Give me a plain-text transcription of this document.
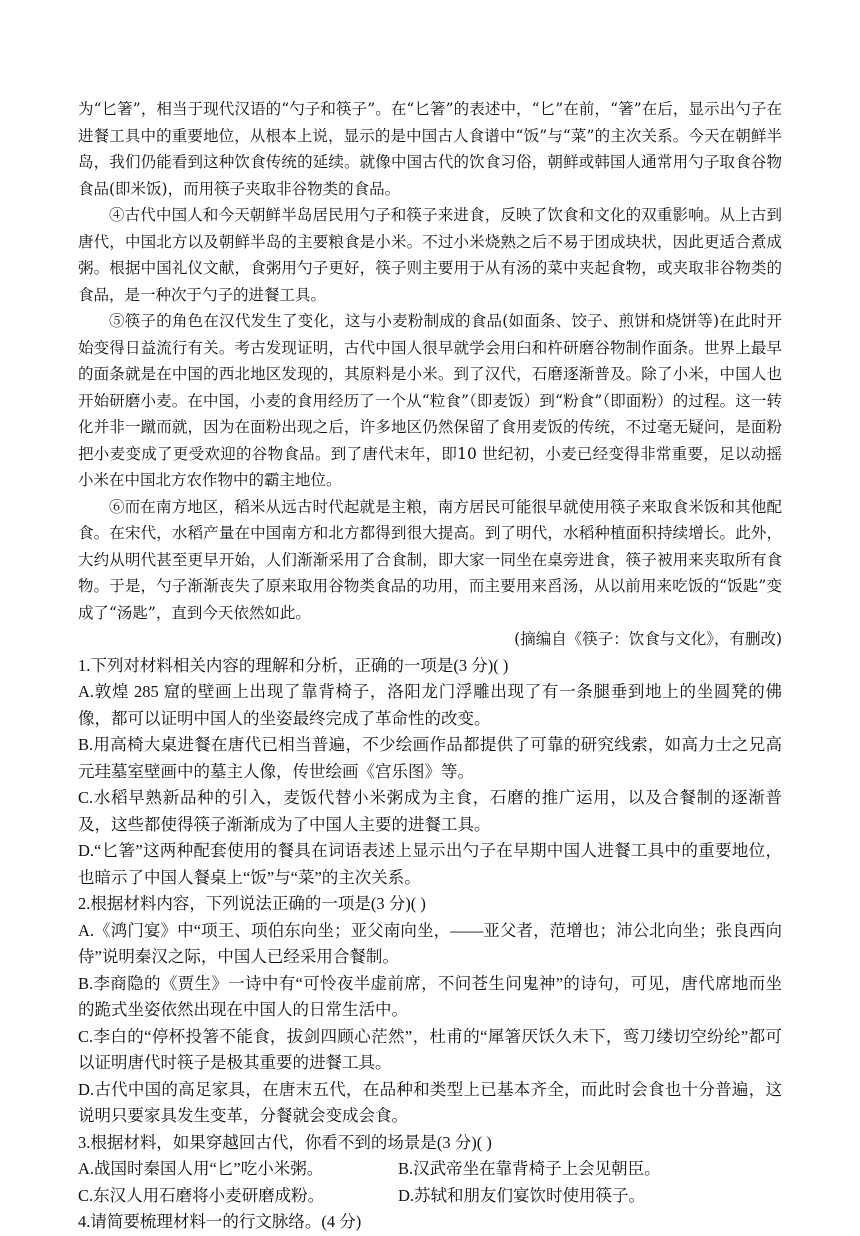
为“匕箸”，相当于现代汉语的“勺子和筷子”。在“匕箸”的表述中，“匕”在前，“箸”在后，显示出勺子在进餐工具中的重要地位，从根本上说，显示的是中国古人食谱中“饭”与“菜”的主次关系。今天在朝鲜半岛，我们仍能看到这种饮食传统的延续。就像中国古代的饮食习俗，朝鲜或韩国人通常用勺子取食谷物食品(即米饭)，而用筷子夹取非谷物类的食品。

④古代中国人和今天朝鲜半岛居民用勺子和筷子来进食，反映了饮食和文化的双重影响。从上古到唐代，中国北方以及朝鲜半岛的主要粮食是小米。不过小米烧熟之后不易于团成块状，因此更适合煮成粥。根据中国礼仪文献，食粥用勺子更好，筷子则主要用于从有汤的菜中夹起食物，或夹取非谷物类的食品，是一种次于勺子的进餐工具。

⑤筷子的角色在汉代发生了变化，这与小麦粉制成的食品(如面条、饺子、煎饼和烧饼等)在此时开始变得日益流行有关。考古发现证明，古代中国人很早就学会用臼和杵研磨谷物制作面条。世界上最早的面条就是在中国的西北地区发现的，其原料是小米。到了汉代，石磨逐渐普及。除了小米，中国人也开始研磨小麦。在中国，小麦的食用经历了一个从“粒食”（即麦饭）到“粉食”（即面粉）的过程。这一转化并非一蹴而就，因为在面粉出现之后，许多地区仍然保留了食用麦饭的传统，不过毫无疑问，是面粉把小麦变成了更受欢迎的谷物食品。到了唐代末年，即10 世纪初，小麦已经变得非常重要，足以动摇小米在中国北方农作物中的霸主地位。

⑥而在南方地区，稻米从远古时代起就是主粮，南方居民可能很早就使用筷子来取食米饭和其他配食。在宋代，水稻产量在中国南方和北方都得到很大提高。到了明代，水稻种植面积持续增长。此外，大约从明代甚至更早开始，人们渐渐采用了合食制，即大家一同坐在桌旁进食，筷子被用来夹取所有食物。于是，勺子渐渐丧失了原来取用谷物类食品的功用，而主要用来舀汤，从以前用来吃饭的“饭匙”变成了“汤匙”，直到今天依然如此。

(摘编自《筷子：饮食与文化》，有删改)

1.下列对材料相关内容的理解和分析，正确的一项是(3 分)( )

A.敦煌 285 窟的壁画上出现了靠背椅子，洛阳龙门浮雕出现了有一条腿垂到地上的坐圆凳的佛像，都可以证明中国人的坐姿最终完成了革命性的改变。

B.用高椅大桌进餐在唐代已相当普遍，不少绘画作品都提供了可靠的研究线索，如高力士之兄高元珪墓室壁画中的墓主人像，传世绘画《宫乐图》等。

C.水稻早熟新品种的引入，麦饭代替小米粥成为主食，石磨的推广运用，以及合餐制的逐渐普及，这些都使得筷子渐渐成为了中国人主要的进餐工具。

D.“匕箸”这两种配套使用的餐具在词语表述上显示出勺子在早期中国人进餐工具中的重要地位，也暗示了中国人餐桌上“饭”与“菜”的主次关系。

2.根据材料内容，下列说法正确的一项是(3 分)( )

A.《鸿门宴》中“项王、项伯东向坐；亚父南向坐，——亚父者，范增也；沛公北向坐；张良西向侍”说明秦汉之际，中国人已经采用合餐制。

B.李商隐的《贾生》一诗中有“可怜夜半虚前席，不问苍生问鬼神”的诗句，可见，唐代席地而坐的跪式坐姿依然出现在中国人的日常生活中。

C.李白的“停杯投箸不能食，拔剑四顾心茫然”，杜甫的“犀箸厌饫久未下，鸾刀缕切空纷纶”都可以证明唐代时筷子是极其重要的进餐工具。

D.古代中国的高足家具，在唐末五代，在品种和类型上已基本齐全，而此时会食也十分普遍，这说明只要家具发生变革，分餐就会变成会食。

3.根据材料，如果穿越回古代，你看不到的场景是(3 分)( )

A.战国时秦国人用“匕”吃小米粥。	B.汉武帝坐在靠背椅子上会见朝臣。
C.东汉人用石磨将小麦研磨成粉。	D.苏轼和朋友们宴饮时使用筷子。

4.请简要梳理材料一的行文脉络。(4 分)
